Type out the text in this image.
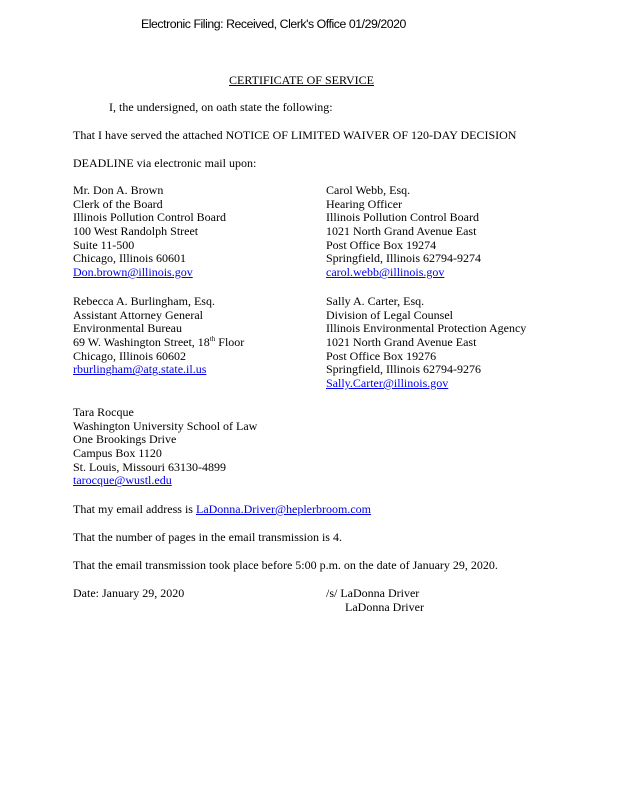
Electronic Filing: Received, Clerk's Office 01/29/2020
CERTIFICATE OF SERVICE
I, the undersigned, on oath state the following:
That I have served the attached NOTICE OF LIMITED WAIVER OF 120-DAY DECISION
DEADLINE via electronic mail upon:
Mr. Don A. Brown
Clerk of the Board
Illinois Pollution Control Board
100 West Randolph Street
Suite 11-500
Chicago, Illinois 60601
Don.brown@illinois.gov
Carol Webb, Esq.
Hearing Officer
Illinois Pollution Control Board
1021 North Grand Avenue East
Post Office Box 19274
Springfield, Illinois 62794-9274
carol.webb@illinois.gov
Rebecca A. Burlingham, Esq.
Assistant Attorney General
Environmental Bureau
69 W. Washington Street, 18th Floor
Chicago, Illinois 60602
rburlingham@atg.state.il.us
Sally A. Carter, Esq.
Division of Legal Counsel
Illinois Environmental Protection Agency
1021 North Grand Avenue East
Post Office Box 19276
Springfield, Illinois 62794-9276
Sally.Carter@illinois.gov
Tara Rocque
Washington University School of Law
One Brookings Drive
Campus Box 1120
St. Louis, Missouri 63130-4899
tarocque@wustl.edu
That my email address is LaDonna.Driver@heplerbroom.com
That the number of pages in the email transmission is 4.
That the email transmission took place before 5:00 p.m. on the date of January 29, 2020.
Date: January 29, 2020	/s/ LaDonna Driver
LaDonna Driver
